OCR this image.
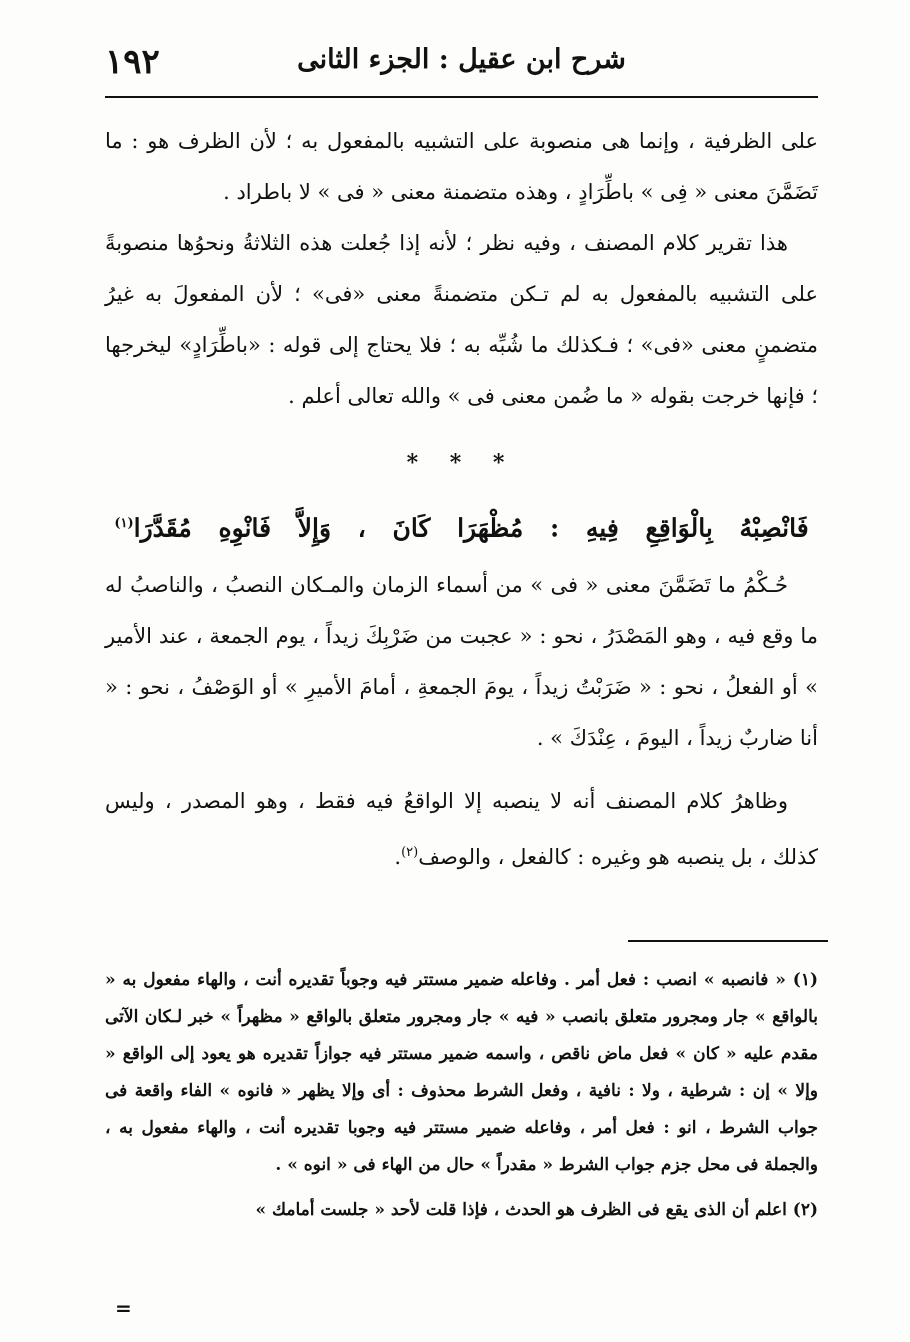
١٩٢	شرح ابن عقيل : الجزء الثانى

على الظرفية ، وإنما هى منصوبة على التشبيه بالمفعول به ؛ لأن الظرف هو : ما تَضَمَّنَ معنى « فِى » باطِّرَادٍ ، وهذه متضمنة معنى « فى » لا باطراد .

هذا تقرير كلام المصنف ، وفيه نظر ؛ لأنه إذا جُعلت هذه الثلاثةُ ونحوُها منصوبةً على التشبيه بالمفعول به لم تـكن متضمنةً معنى «فى» ؛ لأن المفعولَ به غيرُ متضمنٍ معنى «فى» ؛ فـكذلك ما شُبِّه به ؛ فلا يحتاج إلى قوله : «باطِّرَادٍ» ليخرجها ؛ فإنها خرجت بقوله « ما ضُمن معنى فى » والله تعالى أعلم .

* * *

فَانْصِبْهُ بِالْوَاقِعِ فِيهِ : مُظْهَرَا كَانَ ، وَإِلاَّ فَانْوِهِ مُقَدَّرَا$^{(١)}$

حُـكْمُ ما تَضَمَّنَ معنى « فى » من أسماء الزمان والمـكان النصبُ ، والناصبُ له ما وقع فيه ، وهو المَصْدَرُ ، نحو : « عجبت من ضَرْبِكَ زيداً ، يوم الجمعة ، عند الأمير » أو الفعلُ ، نحو : « ضَرَبْتُ زيداً ، يومَ الجمعةِ ، أمامَ الأميرِ » أو الوَصْفُ ، نحو : « أنا ضاربٌ زيداً ، اليومَ ، عِنْدَكَ » .

وظاهرُ كلام المصنف أنه لا ينصبه إلا الواقعُ فيه فقط ، وهو المصدر ، وليس كذلك ، بل ينصبه هو وغيره : كالفعل ، والوصف$^{(٢)}$.

(١) « فانصبه » انصب : فعل أمر . وفاعله ضمير مستتر فيه وجوباً تقديره أنت ، والهاء مفعول به « بالواقع » جار ومجرور متعلق بانصب « فيه » جار ومجرور متعلق بالواقع « مظهراً » خبر لـكان الآتى مقدم عليه « كان » فعل ماض ناقص ، واسمه ضمير مستتر فيه جوازاً تقديره هو يعود إلى الواقع « وإلا » إن : شرطية ، ولا : نافية ، وفعل الشرط محذوف : أى وإلا يظهر « فانوه » الفاء واقعة فى جواب الشرط ، انو : فعل أمر ، وفاعله ضمير مستتر فيه وجوبا تقديره أنت ، والهاء مفعول به ، والجملة فى محل جزم جواب الشرط « مقدراً » حال من الهاء فى « انوه » .

(٢) اعلم أن الذى يقع فى الظرف هو الحدث ، فإذا قلت لأحد « جلست أمامك »

=
